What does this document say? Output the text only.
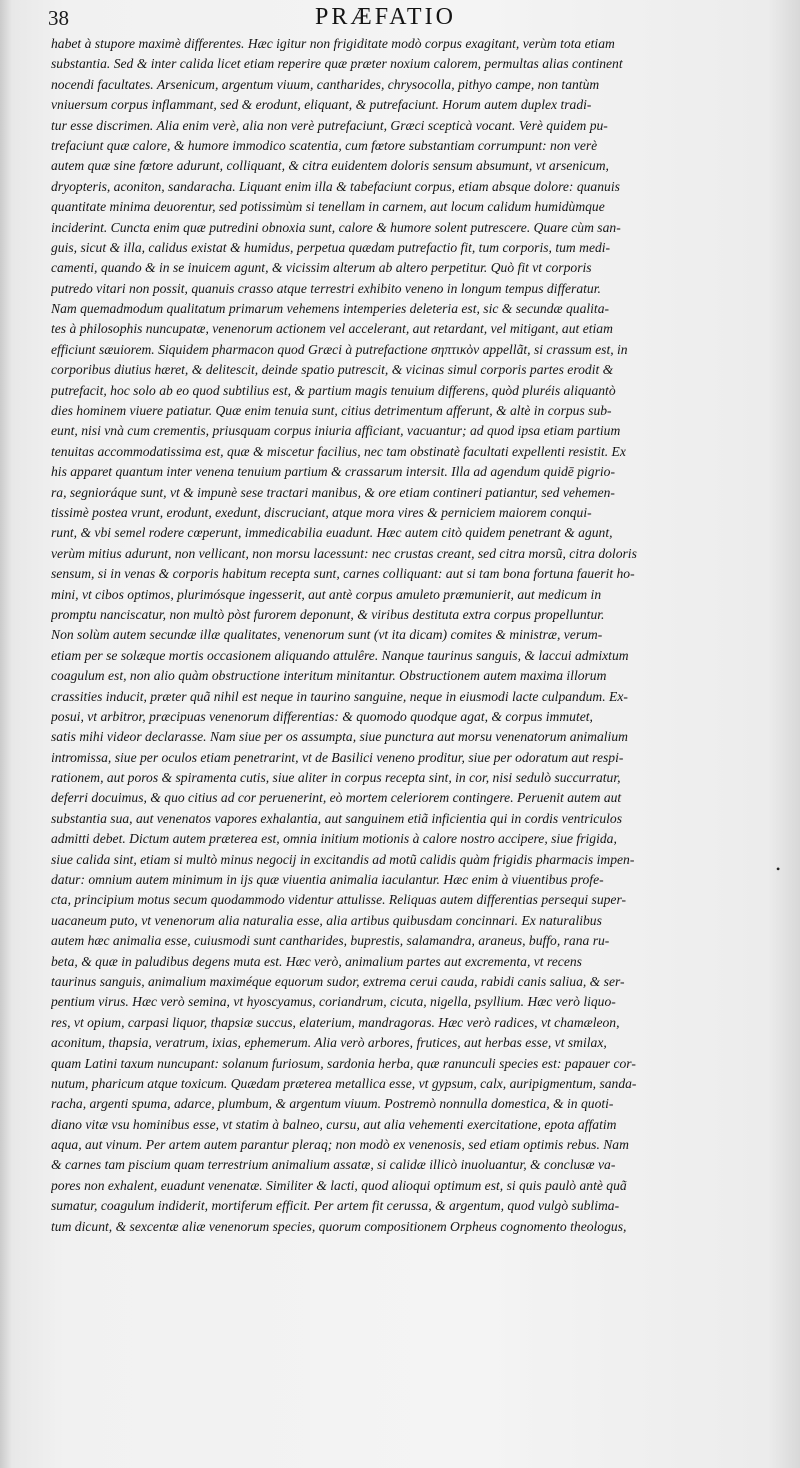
38	PRÆFATIO
habet à stupore maximè differentes. Hæc igitur non frigiditate modò corpus exagitant, verùm tota etiam
substantia. Sed & inter calida licet etiam reperire quæ præter noxium calorem, permultas alias continent
nocendi facultates. Arsenicum, argentum viuum, cantharides, chrysocolla, pithyo campe, non tantùm
vniuersum corpus inflammant, sed & erodunt, eliquant, & putrefaciunt. Horum autem duplex tradi-
tur esse discrimen. Alia enim verè, alia non verè putrefaciunt, Græci scepticà vocant. Verè quidem pu-
trefaciunt quæ calore, & humore immodico scatentia, cum fœtore substantiam corrumpunt: non verè
autem quæ sine fœtore adurunt, colliquant, & citra euidentem doloris sensum absumunt, vt arsenicum,
dryopteris, aconiton, sandaracha. Liquant enim illa & tabefaciunt corpus, etiam absque dolore: quanuis
quantitate minima deuorentur, sed potissimùm si tenellam in carnem, aut locum calidum humidùmque
inciderint. Cuncta enim quæ putredini obnoxia sunt, calore & humore solent putrescere. Quare cùm san-
guis, sicut & illa, calidus existat & humidus, perpetua quædam putrefactio fit, tum corporis, tum medi-
camenti, quando & in se inuicem agunt, & vicissim alterum ab altero perpetitur. Quò fit vt corporis
putredo vitari non possit, quanuis crasso atque terrestri exhibito veneno in longum tempus differatur.
Nam quemadmodum qualitatum primarum vehemens intemperies deleteria est, sic & secundæ qualita-
tes à philosophis nuncupatæ, venenorum actionem vel accelerant, aut retardant, vel mitigant, aut etiam
efficiunt sæuiorem. Siquidem pharmacon quod Græci à putrefactione σηπτικὸν appellãt, si crassum est, in
corporibus diutius hæret, & delitescit, deinde spatio putrescit, & vicinas simul corporis partes erodit &
putrefacit, hoc solo ab eo quod subtilius est, & partium magis tenuium differens, quòd pluréis aliquantò
dies hominem viuere patiatur. Quæ enim tenuia sunt, citius detrimentum afferunt, & altè in corpus sub-
eunt, nisi vnà cum crementis, priusquam corpus iniuria afficiant, vacuantur; ad quod ipsa etiam partium
tenuitas accommodatissima est, quæ & miscetur facilius, nec tam obstinatè facultati expellenti resistit. Ex
his apparet quantum inter venena tenuium partium & crassarum intersit. Illa ad agendum quidē pigrio-
ra, segnioráque sunt, vt & impunè sese tractari manibus, & ore etiam contineri patiantur, sed vehemen-
tissimè postea vrunt, erodunt, exedunt, discruciant, atque mora vires & perniciem maiorem conqui-
runt, & vbi semel rodere cœperunt, immedicabilia euadunt. Hæc autem citò quidem penetrant & agunt,
verùm mitius adurunt, non vellicant, non morsu lacessunt: nec crustas creant, sed citra morsũ, citra doloris
sensum, si in venas & corporis habitum recepta sunt, carnes colliquant: aut si tam bona fortuna fauerit ho-
mini, vt cibos optimos, plurimósque ingesserit, aut antè corpus amuleto præmunierit, aut medicum in
promptu nanciscatur, non multò pòst furorem deponunt, & viribus destituta extra corpus propelluntur.
Non solùm autem secundæ illæ qualitates, venenorum sunt (vt ita dicam) comites & ministræ, verum-
etiam per se solæque mortis occasionem aliquando attulêre. Nanque taurinus sanguis, & laccui admixtum
coagulum est, non alio quàm obstructione interitum minitantur. Obstructionem autem maxima illorum
crassities inducit, præter quã nihil est neque in taurino sanguine, neque in eiusmodi lacte culpandum. Ex-
posui, vt arbitror, præcipuas venenorum differentias: & quomodo quodque agat, & corpus immutet,
satis mihi videor declarasse. Nam siue per os assumpta, siue punctura aut morsu venenatorum animalium
intromissa, siue per oculos etiam penetrarint, vt de Basilici veneno proditur, siue per odoratum aut respi-
rationem, aut poros & spiramenta cutis, siue aliter in corpus recepta sint, in cor, nisi sedulò succurratur,
deferri docuimus, & quo citius ad cor peruenerint, eò mortem celeriorem contingere. Peruenit autem aut
substantia sua, aut venenatos vapores exhalantia, aut sanguinem etiã inficientia qui in cordis ventriculos
admitti debet. Dictum autem præterea est, omnia initium motionis à calore nostro accipere, siue frigida,
siue calida sint, etiam si multò minus negocij in excitandis ad motũ calidis quàm frigidis pharmacis impen-
datur: omnium autem minimum in ijs quæ viuentia animalia iaculantur. Hæc enim à viuentibus profe-
cta, principium motus secum quodammodo videntur attulisse. Reliquas autem differentias persequi super-
uacaneum puto, vt venenorum alia naturalia esse, alia artibus quibusdam concinnari. Ex naturalibus
autem hæc animalia esse, cuiusmodi sunt cantharides, buprestis, salamandra, araneus, buffo, rana ru-
beta, & quæ in paludibus degens muta est. Hæc verò, animalium partes aut excrementa, vt recens
taurinus sanguis, animalium maximéque equorum sudor, extrema cerui cauda, rabidi canis saliua, & ser-
pentium virus. Hæc verò semina, vt hyoscyamus, coriandrum, cicuta, nigella, psyllium. Hæc verò liquo-
res, vt opium, carpasi liquor, thapsiæ succus, elaterium, mandragoras. Hæc verò radices, vt chamæleon,
aconitum, thapsia, veratrum, ixias, ephemerum. Alia verò arbores, frutices, aut herbas esse, vt smilax,
quam Latini taxum nuncupant: solanum furiosum, sardonia herba, quæ ranunculi species est: papauer cor-
nutum, pharicum atque toxicum. Quædam præterea metallica esse, vt gypsum, calx, auripigmentum, sanda-
racha, argenti spuma, adarce, plumbum, & argentum viuum. Postremò nonnulla domestica, & in quoti-
diano vitæ vsu hominibus esse, vt statim à balneo, cursu, aut alia vehementi exercitatione, epota affatim
aqua, aut vinum. Per artem autem parantur pleraq; non modò ex venenosis, sed etiam optimis rebus. Nam
& carnes tam piscium quam terrestrium animalium assatæ, si calidæ illicò inuoluantur, & conclusæ va-
pores non exhalent, euadunt venenatæ. Similiter & lacti, quod alioqui optimum est, si quis paulò antè quã
sumatur, coagulum indiderit, mortiferum efficit. Per artem fit cerussa, & argentum, quod vulgò sublima-
tum dicunt, & sexcentæ aliæ venenorum species, quorum compositionem Orpheus cognomento theologus,
•
